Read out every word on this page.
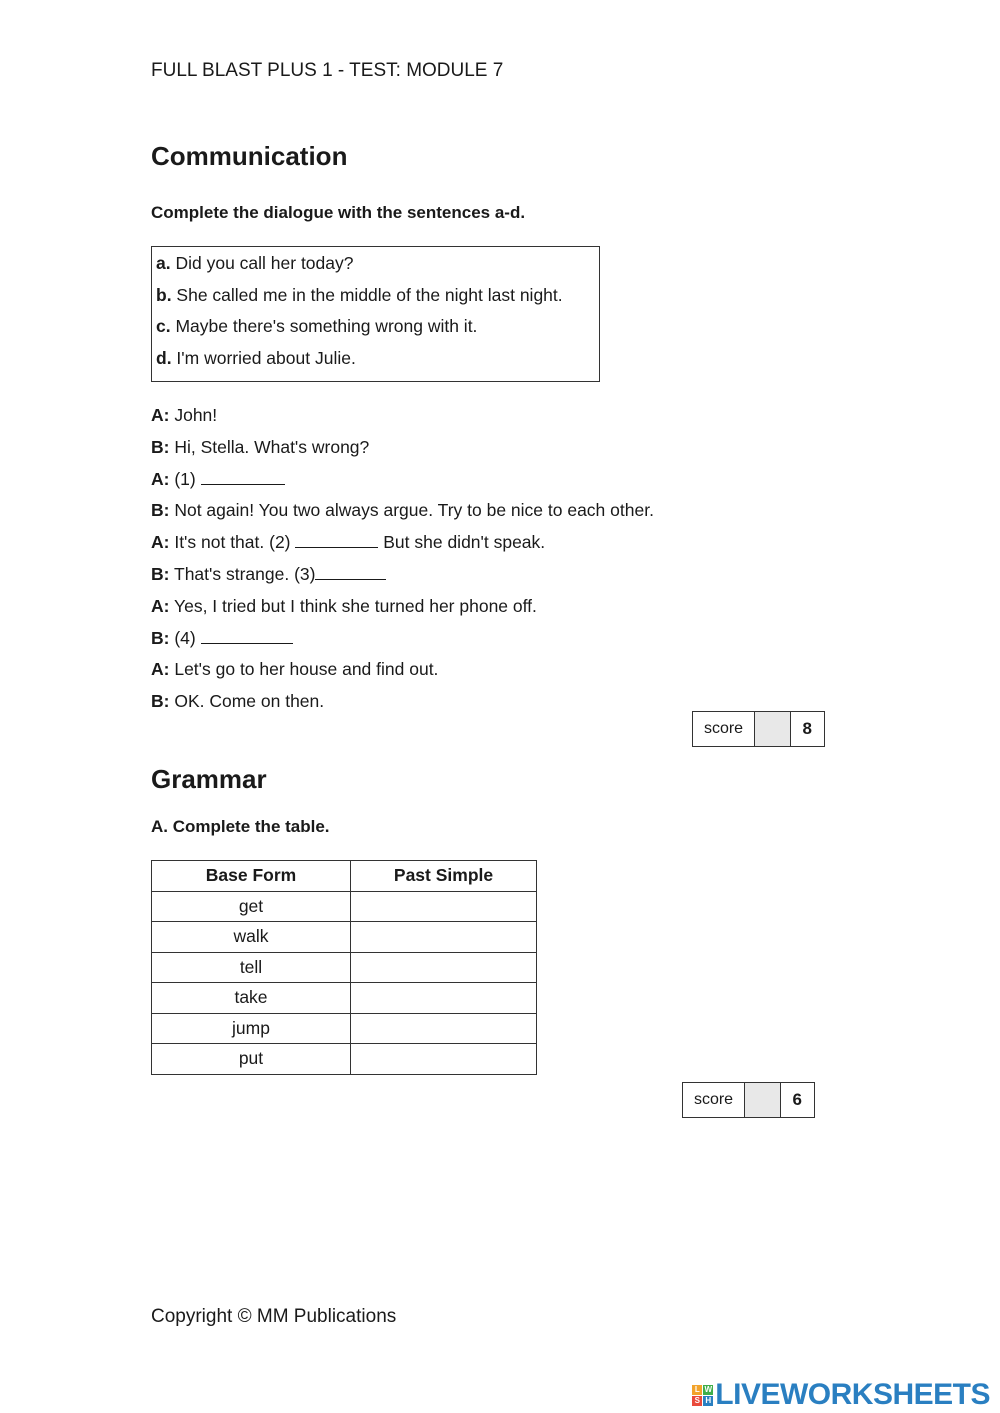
FULL BLAST PLUS 1 - TEST: MODULE 7
Communication
Complete the dialogue with the sentences a-d.
a. Did you call her today?
b. She called me in the middle of the night last night.
c. Maybe there's something wrong with it.
d. I'm worried about Julie.
A: John!
B: Hi, Stella. What's wrong?
A: (1)
B: Not again! You two always argue. Try to be nice to each other.
A: It's not that. (2)	But she didn't speak.
B: That's strange. (3)
A: Yes, I tried but I think she turned her phone off.
B: (4)
A: Let's go to her house and find out.
B: OK. Come on then.
score	8
Grammar
A. Complete the table.
Base Form	Past Simple
get	
walk	
tell	
take	
jump	
put	
score	6
Copyright © MM Publications
L W
S H LIVEWORKSHEETS
